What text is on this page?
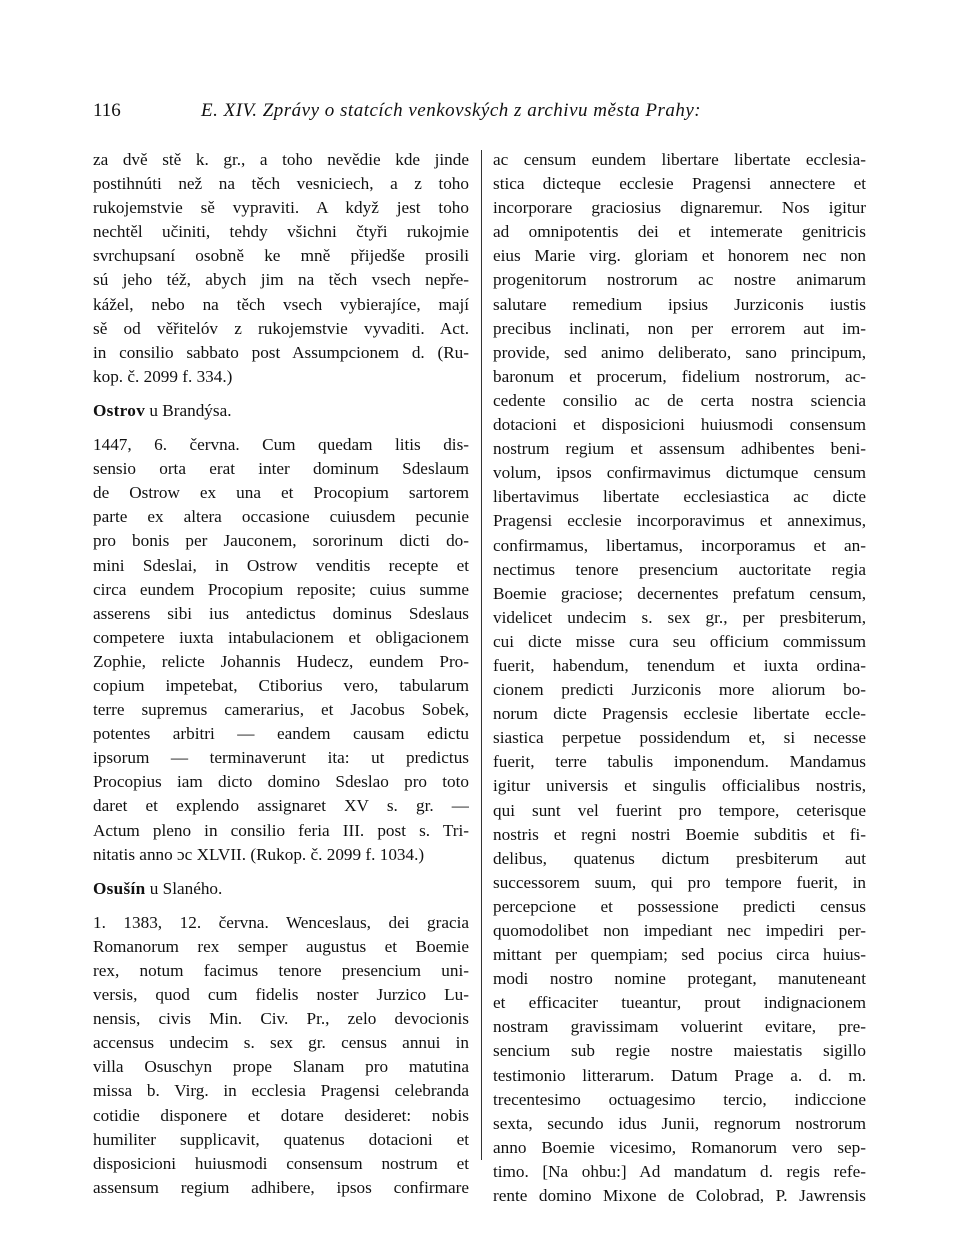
116	E. XIV. Zprávy o statcích venkovských z archivu města Prahy:
za dvě stě k. gr., a toho nevědie kde jinde
postihnúti než na těch vesniciech, a z toho
rukojemstvie sě vypraviti. A když jest toho
nechtěl učiniti, tehdy všichni čtyři rukojmie
svrchupsaní osobně ke mně přijedše prosili
sú jeho též, abych jim na těch vsech nepře-
kážel, nebo na těch vsech vybierajíce, mají
sě od věřitelóv z rukojemstvie vyvaditi. Act.
in consilio sabbato post Assumpcionem d. (Ru-
kop. č. 2099 f. 334.)
Ostrov u Brandýsa.
1447, 6. června. Cum quedam litis dis-
sensio orta erat inter dominum Sdeslaum
de Ostrow ex una et Procopium sartorem
parte ex altera occasione cuiusdem pecunie
pro bonis per Jauconem, sororinum dicti do-
mini Sdeslai, in Ostrow venditis recepte et
circa eundem Procopium reposite; cuius summe
asserens sibi ius antedictus dominus Sdeslaus
competere iuxta intabulacionem et obligacionem
Zophie, relicte Johannis Hudecz, eundem Pro-
copium impetebat, Ctiborius vero, tabularum
terre supremus camerarius, et Jacobus Sobek,
potentes arbitri — eandem causam edictu
ipsorum — terminaverunt ita: ut predictus
Procopius iam dicto domino Sdeslao pro toto
daret et explendo assignaret XV s. gr. —
Actum pleno in consilio feria III. post s. Tri-
nitatis anno ɔc XLVII. (Rukop. č. 2099 f. 1034.)
Osušín u Slaného.
1. 1383, 12. června. Wenceslaus, dei gracia
Romanorum rex semper augustus et Boemie
rex, notum facimus tenore presencium uni-
versis, quod cum fidelis noster Jurzico Lu-
nensis, civis Min. Civ. Pr., zelo devocionis
accensus undecim s. sex gr. census annui in
villa Osuschyn prope Slanam pro matutina
missa b. Virg. in ecclesia Pragensi celebranda
cotidie disponere et dotare desideret: nobis
humiliter supplicavit, quatenus dotacioni et
disposicioni huiusmodi consensum nostrum et
assensum regium adhibere, ipsos confirmare
ac censum eundem libertare libertate ecclesia-
stica dicteque ecclesie Pragensi annectere et
incorporare graciosius dignaremur. Nos igitur
ad omnipotentis dei et intemerate genitricis
eius Marie virg. gloriam et honorem nec non
progenitorum nostrorum ac nostre animarum
salutare remedium ipsius Jurziconis iustis
precibus inclinati, non per errorem aut im-
provide, sed animo deliberato, sano principum,
baronum et procerum, fidelium nostrorum, ac-
cedente consilio ac de certa nostra sciencia
dotacioni et disposicioni huiusmodi consensum
nostrum regium et assensum adhibentes beni-
volum, ipsos confirmavimus dictumque censum
libertavimus libertate ecclesiastica ac dicte
Pragensi ecclesie incorporavimus et anneximus,
confirmamus, libertamus, incorporamus et an-
nectimus tenore presencium auctoritate regia
Boemie graciose; decernentes prefatum censum,
videlicet undecim s. sex gr., per presbiterum,
cui dicte misse cura seu officium commissum
fuerit, habendum, tenendum et iuxta ordina-
cionem predicti Jurziconis more aliorum bo-
norum dicte Pragensis ecclesie libertate eccle-
siastica perpetue possidendum et, si necesse
fuerit, terre tabulis imponendum. Mandamus
igitur universis et singulis officialibus nostris,
qui sunt vel fuerint pro tempore, ceterisque
nostris et regni nostri Boemie subditis et fi-
delibus, quatenus dictum presbiterum aut
successorem suum, qui pro tempore fuerit, in
percepcione et possessione predicti census
quomodolibet non impediant nec impediri per-
mittant per quempiam; sed pocius circa huius-
modi nostro nomine protegant, manuteneant
et efficaciter tueantur, prout indignacionem
nostram gravissimam voluerint evitare, pre-
sencium sub regie nostre maiestatis sigillo
testimonio litterarum. Datum Prage a. d. m.
trecentesimo octuagesimo tercio, indiccione
sexta, secundo idus Junii, regnorum nostrorum
anno Boemie vicesimo, Romanorum vero sep-
timo. [Na ohbu:] Ad mandatum d. regis refe-
rente domino Mixone de Colobrad, P. Jawrensis
